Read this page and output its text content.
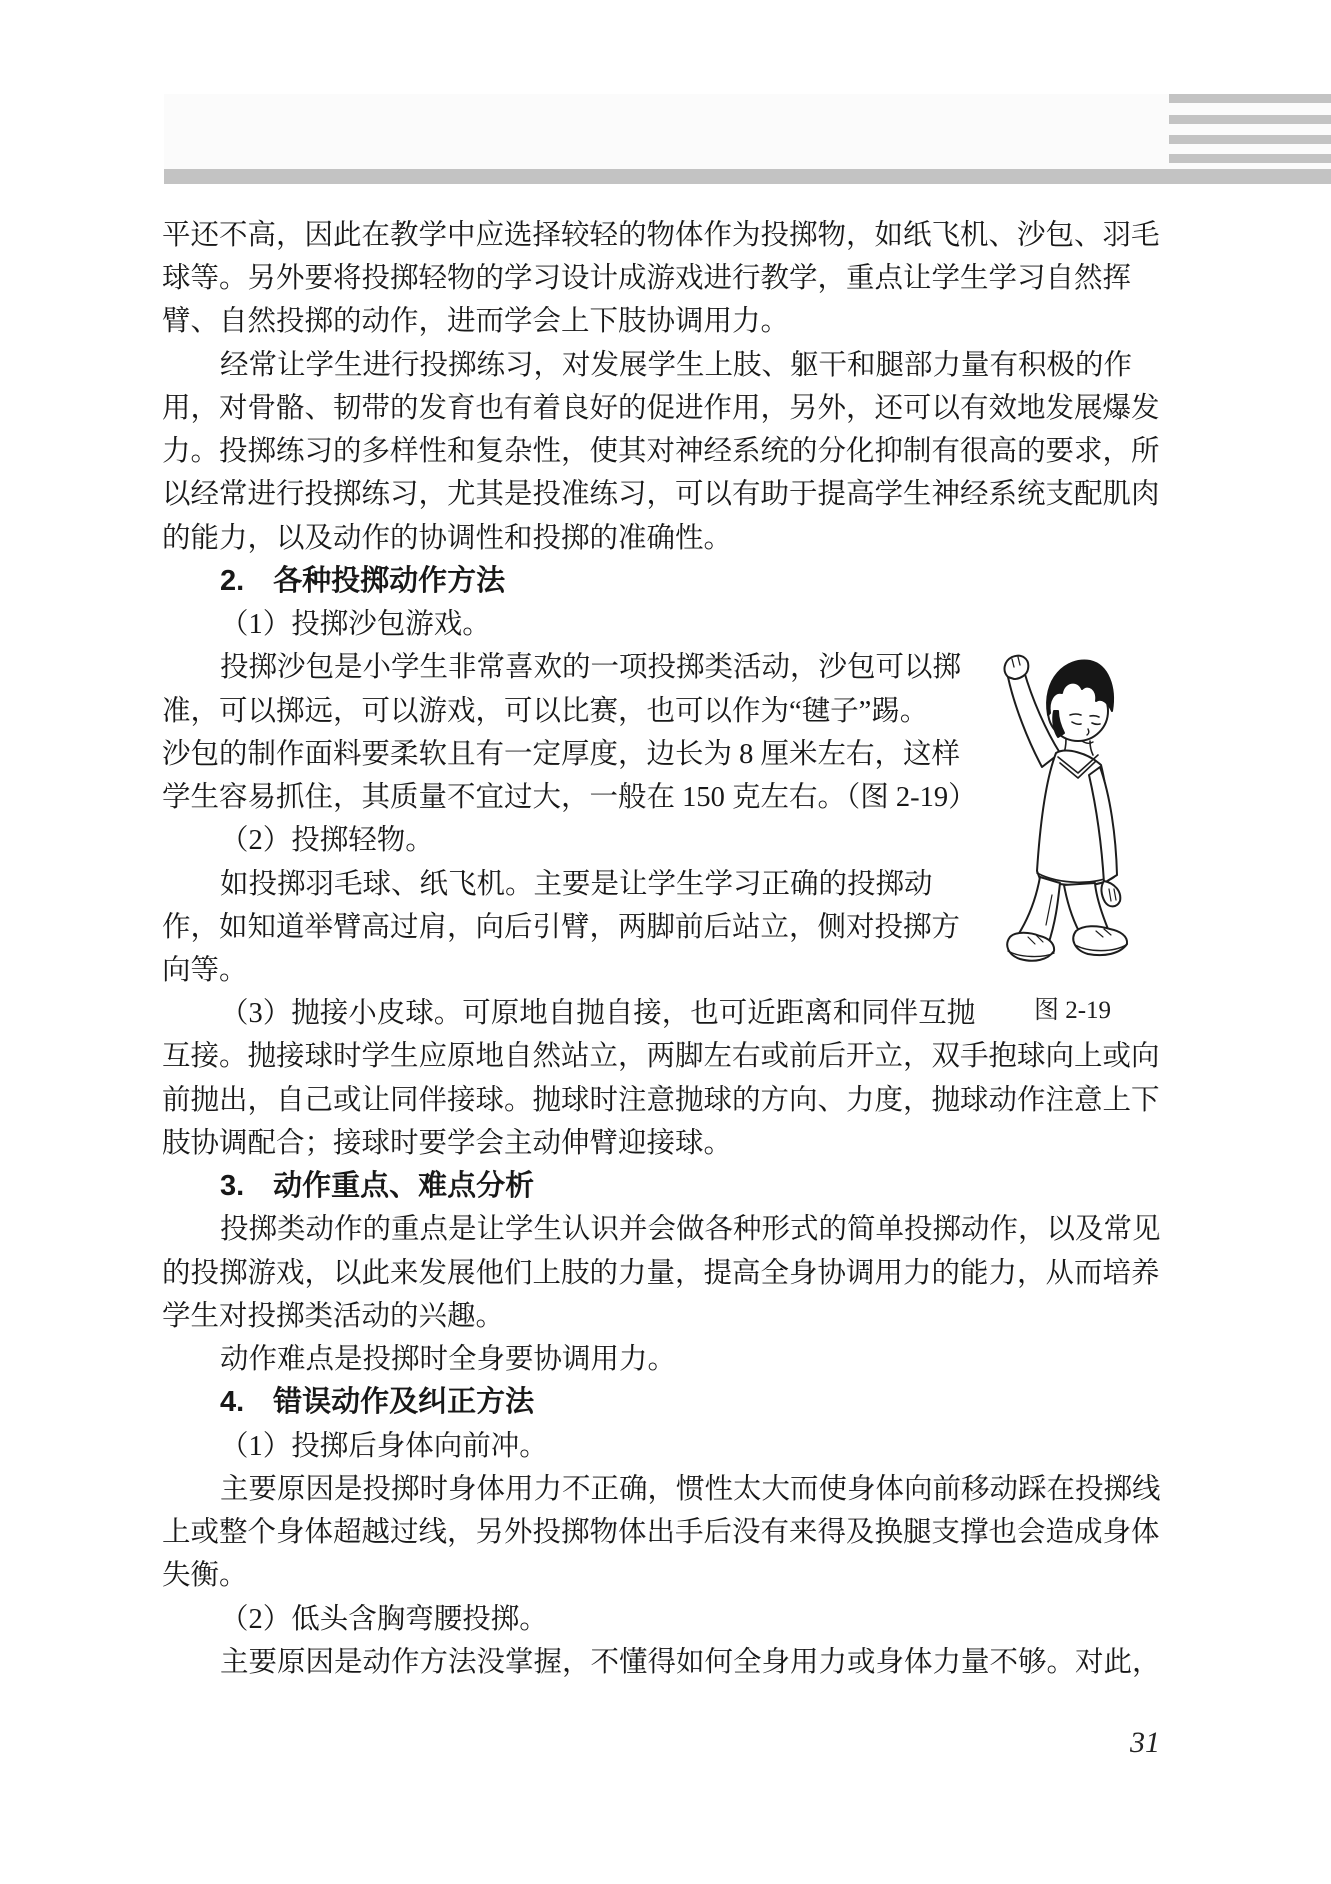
平还不高，因此在教学中应选择较轻的物体作为投掷物，如纸飞机、沙包、羽毛
球等。另外要将投掷轻物的学习设计成游戏进行教学，重点让学生学习自然挥
臂、自然投掷的动作，进而学会上下肢协调用力。
经常让学生进行投掷练习，对发展学生上肢、躯干和腿部力量有积极的作
用，对骨骼、韧带的发育也有着良好的促进作用，另外，还可以有效地发展爆发
力。投掷练习的多样性和复杂性，使其对神经系统的分化抑制有很高的要求，所
以经常进行投掷练习，尤其是投准练习，可以有助于提高学生神经系统支配肌肉
的能力，以及动作的协调性和投掷的准确性。
2.　各种投掷动作方法
（1）投掷沙包游戏。
投掷沙包是小学生非常喜欢的一项投掷类活动，沙包可以掷
准，可以掷远，可以游戏，可以比赛，也可以作为“毽子”踢。
沙包的制作面料要柔软且有一定厚度，边长为 8 厘米左右，这样
学生容易抓住，其质量不宜过大，一般在 150 克左右。（图 2-19）
（2）投掷轻物。
如投掷羽毛球、纸飞机。主要是让学生学习正确的投掷动
作，如知道举臂高过肩，向后引臂，两脚前后站立，侧对投掷方
向等。
（3）抛接小皮球。可原地自抛自接，也可近距离和同伴互抛
互接。抛接球时学生应原地自然站立，两脚左右或前后开立，双手抱球向上或向
前抛出，自己或让同伴接球。抛球时注意抛球的方向、力度，抛球动作注意上下
肢协调配合；接球时要学会主动伸臂迎接球。
3.　动作重点、难点分析
投掷类动作的重点是让学生认识并会做各种形式的简单投掷动作，以及常见
的投掷游戏，以此来发展他们上肢的力量，提高全身协调用力的能力，从而培养
学生对投掷类活动的兴趣。
动作难点是投掷时全身要协调用力。
4.　错误动作及纠正方法
（1）投掷后身体向前冲。
主要原因是投掷时身体用力不正确，惯性太大而使身体向前移动踩在投掷线
上或整个身体超越过线，另外投掷物体出手后没有来得及换腿支撑也会造成身体
失衡。
（2）低头含胸弯腰投掷。
主要原因是动作方法没掌握，不懂得如何全身用力或身体力量不够。对此，
图 2-19
31
